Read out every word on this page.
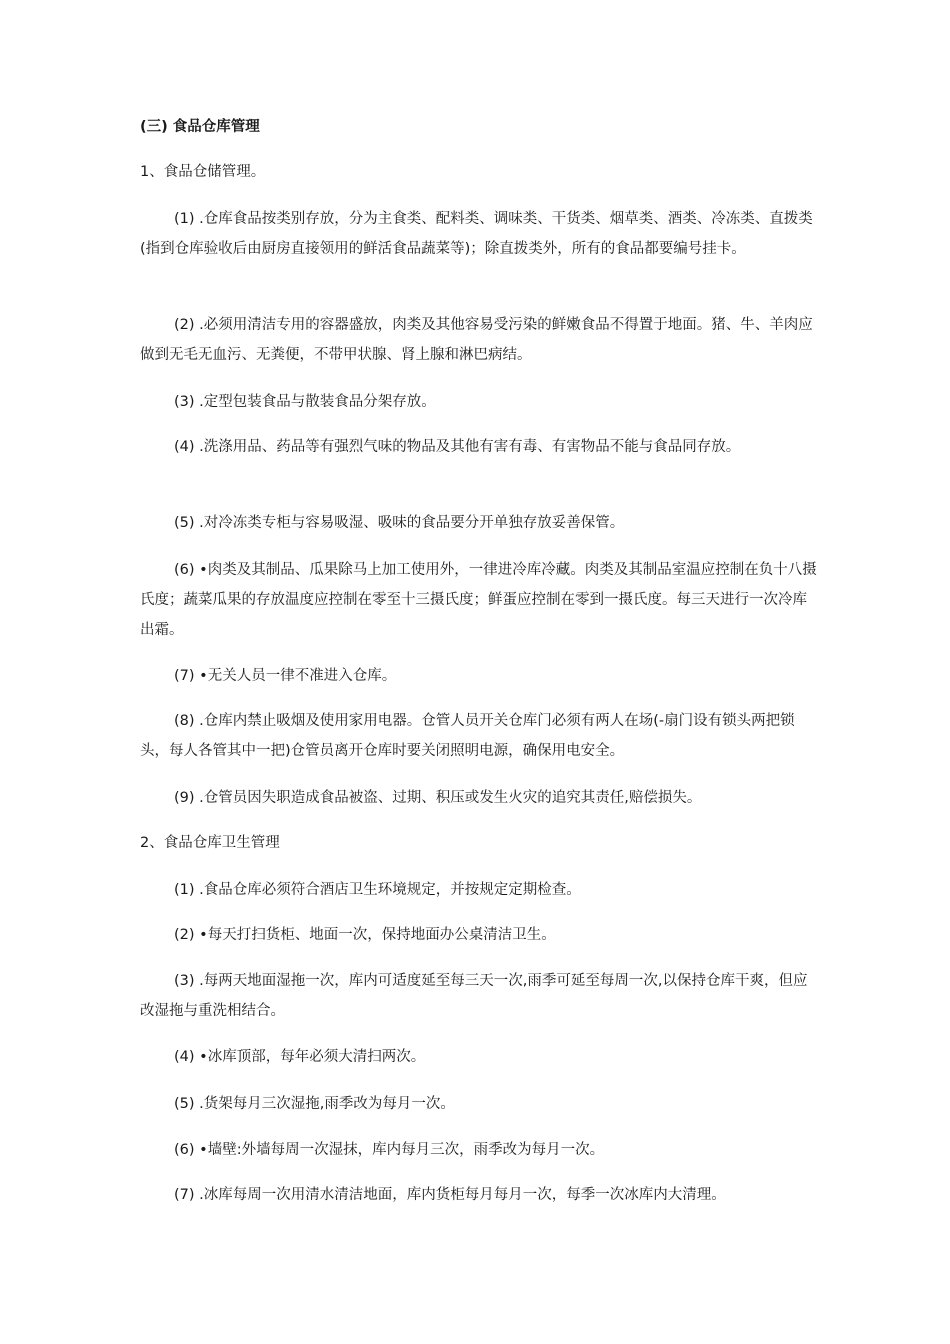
(三) 食品仓库管理

1、食品仓储管理。

(1) .仓库食品按类别存放，分为主食类、配料类、调味类、干货类、烟草类、酒类、冷冻类、直拨类(指到仓库验收后由厨房直接领用的鲜活食品蔬菜等)；除直拨类外，所有的食品都要编号挂卡。

(2) .必须用清洁专用的容器盛放，肉类及其他容易受污染的鲜嫩食品不得置于地面。猪、牛、羊肉应做到无毛无血污、无粪便，不带甲状腺、肾上腺和淋巴病结。

(3) .定型包装食品与散装食品分架存放。

(4) .洗涤用品、药品等有强烈气味的物品及其他有害有毒、有害物品不能与食品同存放。

(5) .对冷冻类专柜与容易吸湿、吸味的食品要分开单独存放妥善保管。

(6) •肉类及其制品、瓜果除马上加工使用外，一律进冷库冷藏。肉类及其制品室温应控制在负十八摄氏度；蔬菜瓜果的存放温度应控制在零至十三摄氏度；鲜蛋应控制在零到一摄氏度。每三天进行一次冷库出霜。

(7) •无关人员一律不准进入仓库。

(8) .仓库内禁止吸烟及使用家用电器。仓管人员开关仓库门必须有两人在场(-扇门设有锁头两把锁头，每人各管其中一把)仓管员离开仓库时要关闭照明电源，确保用电安全。

(9) .仓管员因失职造成食品被盗、过期、积压或发生火灾的追究其责任,赔偿损失。

2、食品仓库卫生管理

(1) .食品仓库必须符合酒店卫生环境规定，并按规定定期检查。

(2) •每天打扫货柜、地面一次，保持地面办公桌清洁卫生。

(3) .每两天地面湿拖一次，库内可适度延至每三天一次,雨季可延至每周一次,以保持仓库干爽，但应改湿拖与重洗相结合。

(4) •冰库顶部，每年必须大清扫两次。

(5) .货架每月三次湿拖,雨季改为每月一次。

(6) •墙壁:外墙每周一次湿抹，库内每月三次，雨季改为每月一次。

(7) .冰库每周一次用清水清洁地面，库内货柜每月每月一次，每季一次冰库内大清理。
